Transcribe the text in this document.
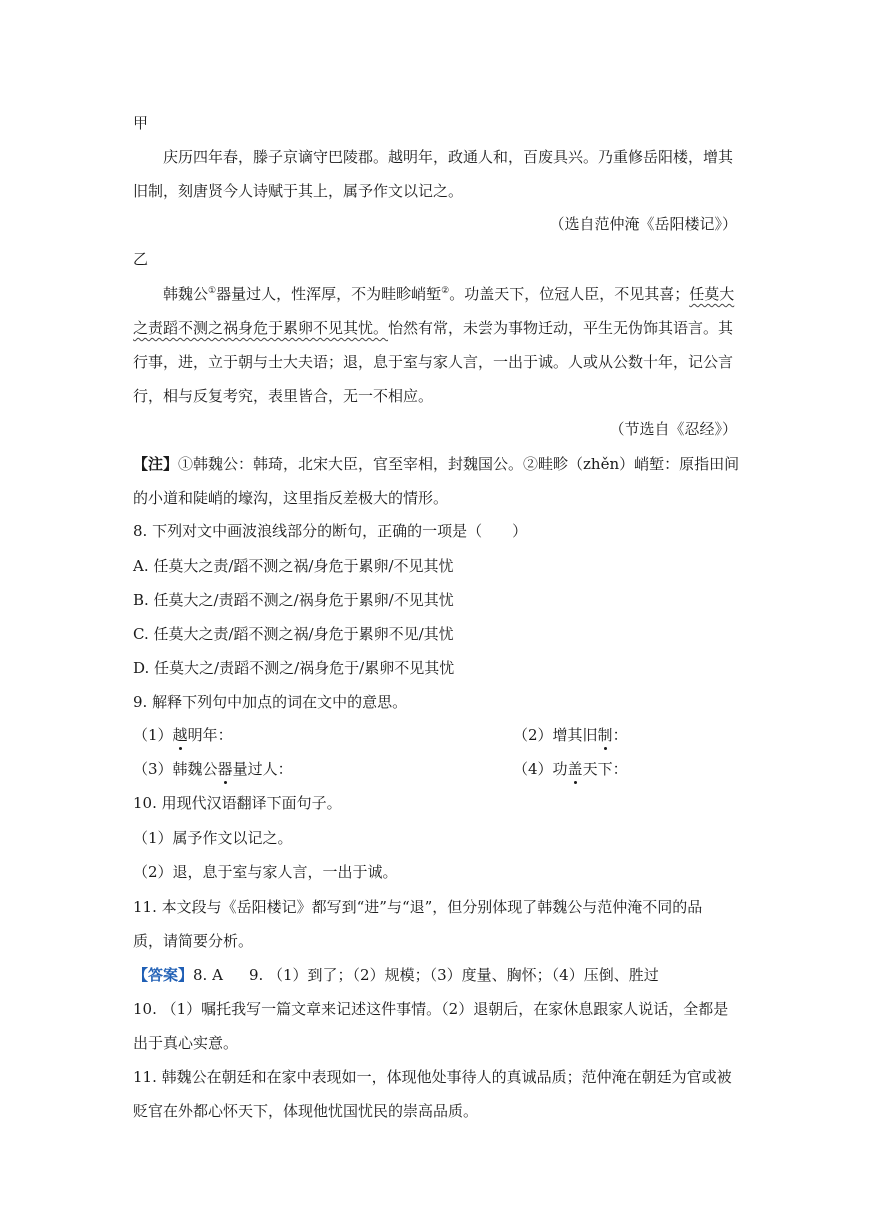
甲
庆历四年春，滕子京谪守巴陵郡。越明年，政通人和，百废具兴。乃重修岳阳楼，增其
旧制，刻唐贤今人诗赋于其上，属予作文以记之。
（选自范仲淹《岳阳楼记》）
乙
韩魏公①器量过人，性浑厚，不为畦畛峭堑②。功盖天下，位冠人臣，不见其喜；任莫大
之责蹈不测之祸身危于累卵不见其忧。怡然有常，未尝为事物迁动，平生无伪饰其语言。其
行事，进，立于朝与士大夫语；退，息于室与家人言，一出于诚。人或从公数十年，记公言
行，相与反复考究，表里皆合，无一不相应。
（节选自《忍经》）
【注】①韩魏公：韩琦，北宋大臣，官至宰相，封魏国公。②畦畛（zhěn）峭堑：原指田间
的小道和陡峭的壕沟，这里指反差极大的情形。
8. 下列对文中画波浪线部分的断句，正确的一项是（　　）
A. 任莫大之责/蹈不测之祸/身危于累卵/不见其忧
B. 任莫大之/责蹈不测之/祸身危于累卵/不见其忧
C. 任莫大之责/蹈不测之祸/身危于累卵不见/其忧
D. 任莫大之/责蹈不测之/祸身危于/累卵不见其忧
9. 解释下列句中加点的词在文中的意思。
（1）越明年：	（2）增其旧制：
（3）韩魏公器量过人：	（4）功盖天下：
10. 用现代汉语翻译下面句子。
（1）属予作文以记之。
（2）退，息于室与家人言，一出于诚。
11. 本文段与《岳阳楼记》都写到“进”与“退”，但分别体现了韩魏公与范仲淹不同的品
质，请简要分析。
【答案】8. A 9. （1）到了；（2）规模；（3）度量、胸怀；（4）压倒、胜过
10. （1）嘱托我写一篇文章来记述这件事情。（2）退朝后，在家休息跟家人说话，全都是
出于真心实意。
11. 韩魏公在朝廷和在家中表现如一，体现他处事待人的真诚品质；范仲淹在朝廷为官或被
贬官在外都心怀天下，体现他忧国忧民的崇高品质。
